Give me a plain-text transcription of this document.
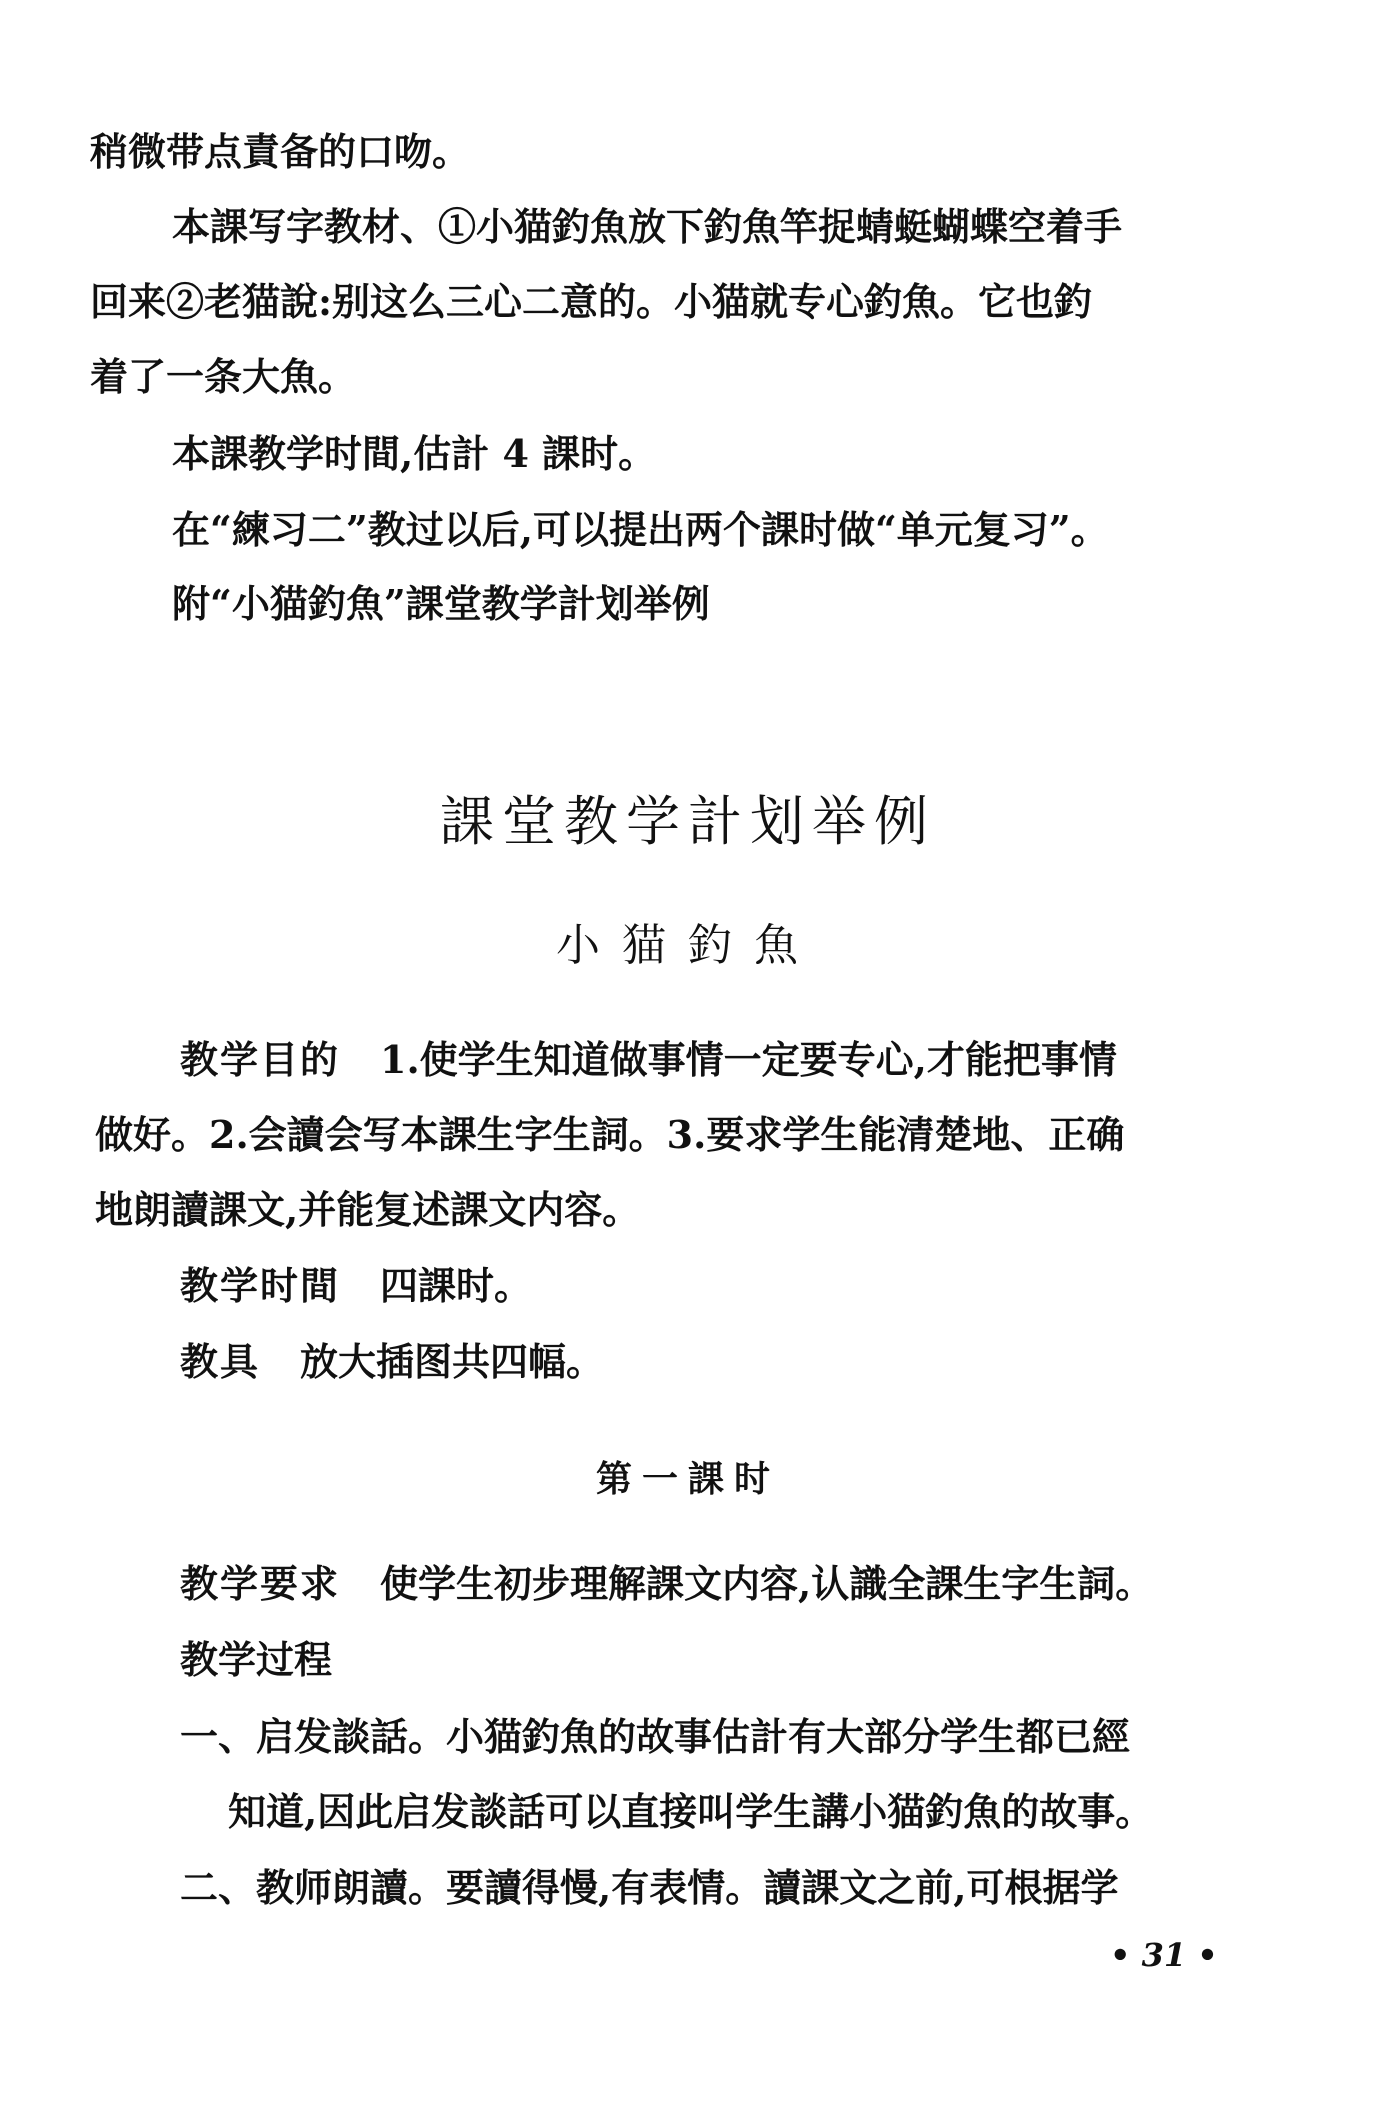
稍微带点責备的口吻。
本課写字教材、①小猫釣魚放下釣魚竿捉蜻蜓蝴蝶空着手
回来②老猫說:别这么三心二意的。小猫就专心釣魚。它也釣
着了一条大魚。
本課教学时間,估計 4 課时。
在“練习二”教过以后,可以提出两个課时做“单元复习”。
附“小猫釣魚”課堂教学計划举例
課堂教学計划举例
小猫釣魚
教学目的 1.使学生知道做事情一定要专心,才能把事情
做好。2.会讀会写本課生字生詞。3.要求学生能清楚地、正确
地朗讀課文,并能复述課文内容。
教学时間 四課时。
教具 放大插图共四幅。
第一課时
教学要求 使学生初步理解課文内容,认識全課生字生詞。
教学过程
一、启发談話。小猫釣魚的故事估計有大部分学生都已經
知道,因此启发談話可以直接叫学生講小猫釣魚的故事。
二、教师朗讀。要讀得慢,有表情。讀課文之前,可根据学
• 31 •
